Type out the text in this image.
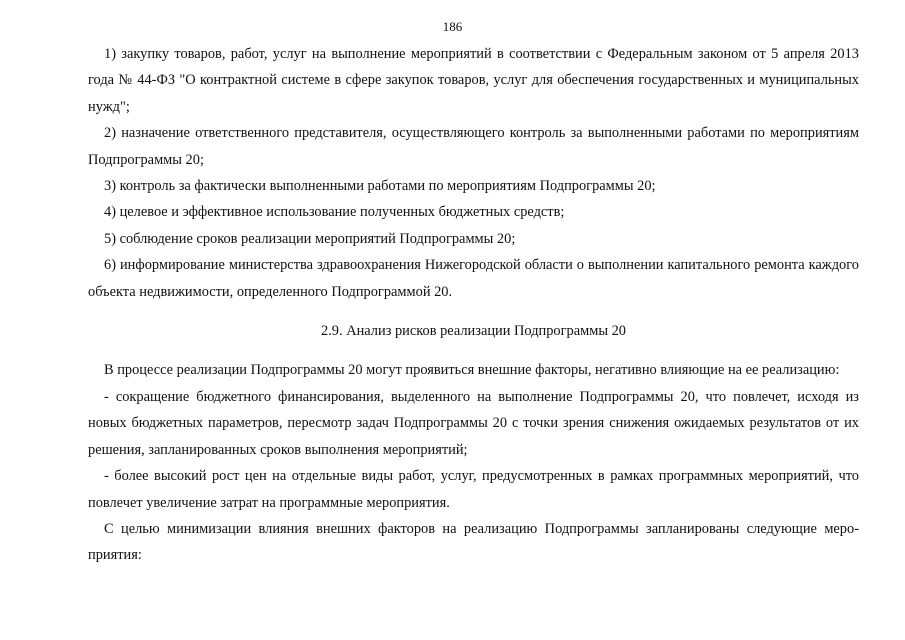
186

1) закупку товаров, работ, услуг на выполнение мероприятий в соответствии с Федеральным законом от 5 апреля 2013 года № 44-ФЗ "О контрактной системе в сфере закупок товаров, услуг для обеспечения государственных и муниципальных нужд";

2) назначение ответственного представителя, осуществляющего контроль за выполненными работами по мероприятиям Подпрограммы 20;

3) контроль за фактически выполненными работами по мероприятиям Подпрограммы 20;

4) целевое и эффективное использование полученных бюджетных средств;

5) соблюдение сроков реализации мероприятий Подпрограммы 20;

6) информирование министерства здравоохранения Нижегородской области о выполнении капитального ремонта каждого объекта недвижимости, определенного Подпрограммой 20.

2.9. Анализ рисков реализации Подпрограммы 20

В процессе реализации Подпрограммы 20 могут проявиться внешние факторы, негативно влияющие на ее реализацию:

- сокращение бюджетного финансирования, выделенного на выполнение Подпрограммы 20, что повлечет, исходя из новых бюджетных параметров, пересмотр задач Подпрограммы 20 с точки зрения снижения ожидаемых результатов от их решения, запланированных сроков выполнения мероприятий;

- более высокий рост цен на отдельные виды работ, услуг, предусмотренных в рамках программных мероприятий, что повлечет увеличение затрат на программные мероприятия.

С целью минимизации влияния внешних факторов на реализацию Подпрограммы запланированы следующие мероприятия:
